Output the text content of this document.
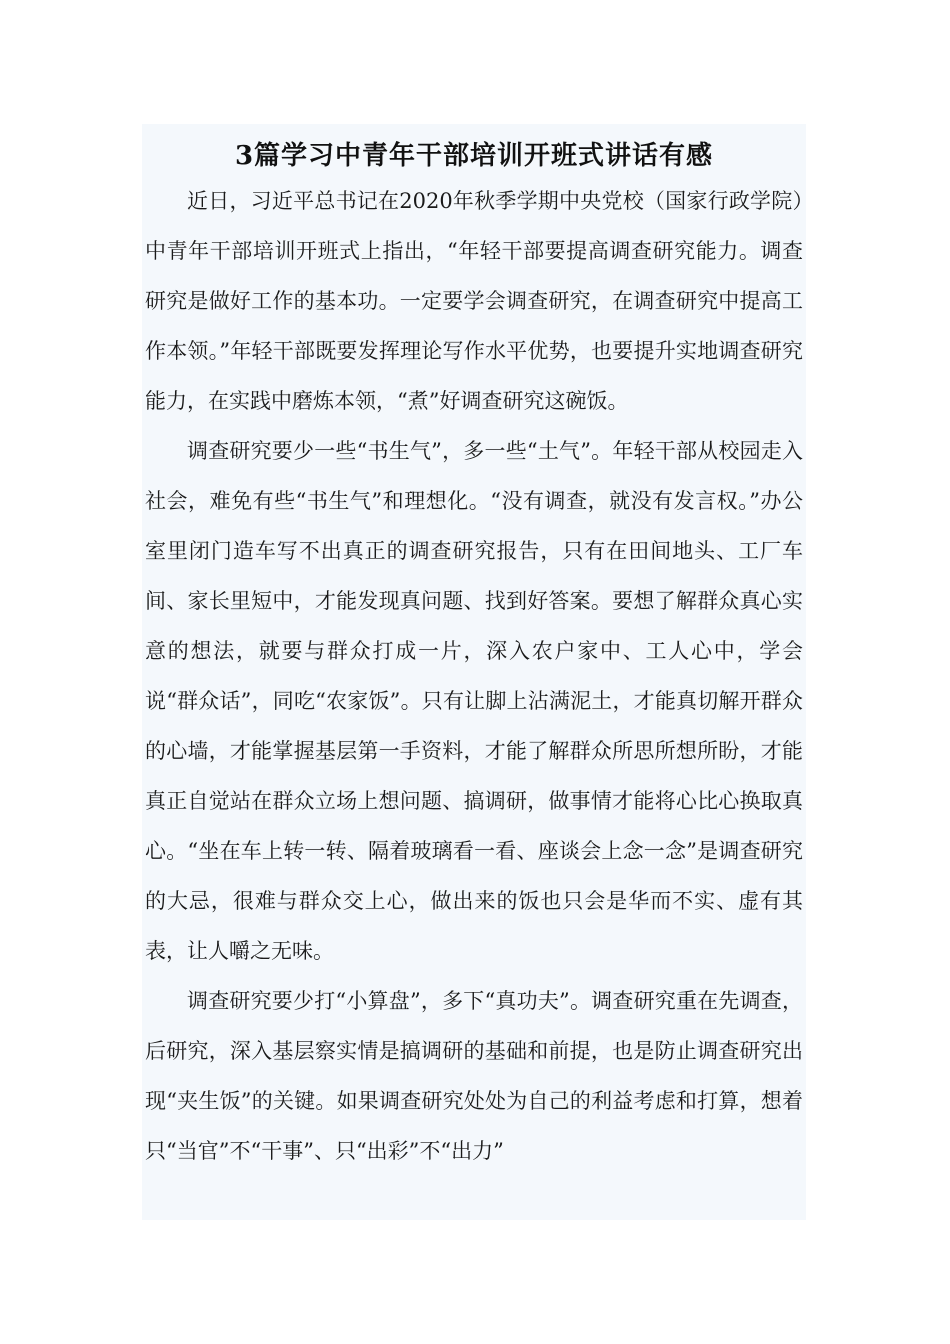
3篇学习中青年干部培训开班式讲话有感

近日，习近平总书记在2020年秋季学期中央党校（国家行政学院）中青年干部培训开班式上指出，“年轻干部要提高调查研究能力。调查研究是做好工作的基本功。一定要学会调查研究，在调查研究中提高工作本领。”年轻干部既要发挥理论写作水平优势，也要提升实地调查研究能力，在实践中磨炼本领，“煮”好调查研究这碗饭。

调查研究要少一些“书生气”，多一些“土气”。年轻干部从校园走入社会，难免有些“书生气”和理想化。“没有调查，就没有发言权。”办公室里闭门造车写不出真正的调查研究报告，只有在田间地头、工厂车间、家长里短中，才能发现真问题、找到好答案。要想了解群众真心实意的想法，就要与群众打成一片，深入农户家中、工人心中，学会说“群众话”，同吃“农家饭”。只有让脚上沾满泥土，才能真切解开群众的心墙，才能掌握基层第一手资料，才能了解群众所思所想所盼，才能真正自觉站在群众立场上想问题、搞调研，做事情才能将心比心换取真心。“坐在车上转一转、隔着玻璃看一看、座谈会上念一念”是调查研究的大忌，很难与群众交上心，做出来的饭也只会是华而不实、虚有其表，让人嚼之无味。

调查研究要少打“小算盘”，多下“真功夫”。调查研究重在先调查，后研究，深入基层察实情是搞调研的基础和前提，也是防止调查研究出现“夹生饭”的关键。如果调查研究处处为自己的利益考虑和打算，想着只“当官”不“干事”、只“出彩”不“出力”
